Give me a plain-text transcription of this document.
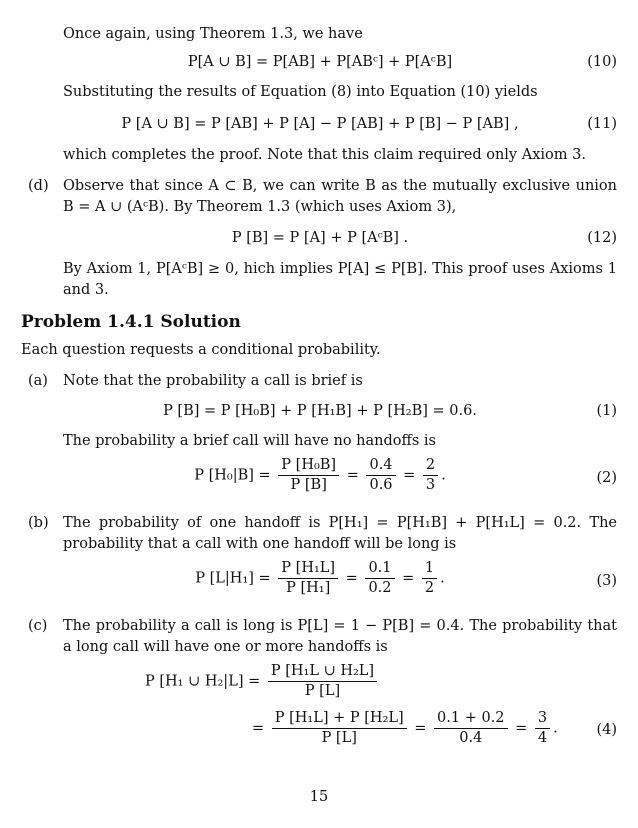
Once again, using Theorem 1.3, we have
P[A ∪ B] = P[AB] + P[ABᶜ] + P[AᶜB]	(10)
Substituting the results of Equation (8) into Equation (10) yields
P [A ∪ B] = P [AB] + P [A] − P [AB] + P [B] − P [AB] ,	(11)
which completes the proof. Note that this claim required only Axiom 3.
(d) Observe that since A ⊂ B, we can write B as the mutually exclusive union
B = A ∪ (AᶜB). By Theorem 1.3 (which uses Axiom 3),
P [B] = P [A] + P [AᶜB] .	(12)
By Axiom 1, P[AᶜB] ≥ 0, hich implies P[A] ≤ P[B]. This proof uses Axioms 1
and 3.
Problem 1.4.1 Solution
Each question requests a conditional probability.
(a)	Note that the probability a call is brief is
P [B] = P [H₀B] + P [H₁B] + P [H₂B] = 0.6.	(1)
The probability a brief call will have no handoffs is
P $[H_0|B] = \frac{\text{P [H₀B]}}{P [B]} = \frac{0.4}{0.6} = \frac{2}{3}$ .	(2)
(b) The probability of one handoff is P[H₁] = P[H₁B] + P[H₁L] = 0.2. The
probability that a call with one handoff will be long is
P $[L|H_1] = \frac{\text{P [H₁L]}}{\text{P [H₁]}} = \frac{0.1}{0.2} = \frac{1}{2}$ .	(3)
(c)	The probability a call is long is P[L] = 1 − P[B] = 0.4. The probability that
a long call will have one or more handoffs is
P [H₁ ∪ $H_2|L] = \frac{\text{P [H₁L ∪ H₂L]}}{P [L]}$
= $\frac{\text{P [H₁L] + P [H₂L]}}{P [L]} = \frac{0.1 + 0.2}{0.4} = \frac{3}{4}$ .	(4)
15
